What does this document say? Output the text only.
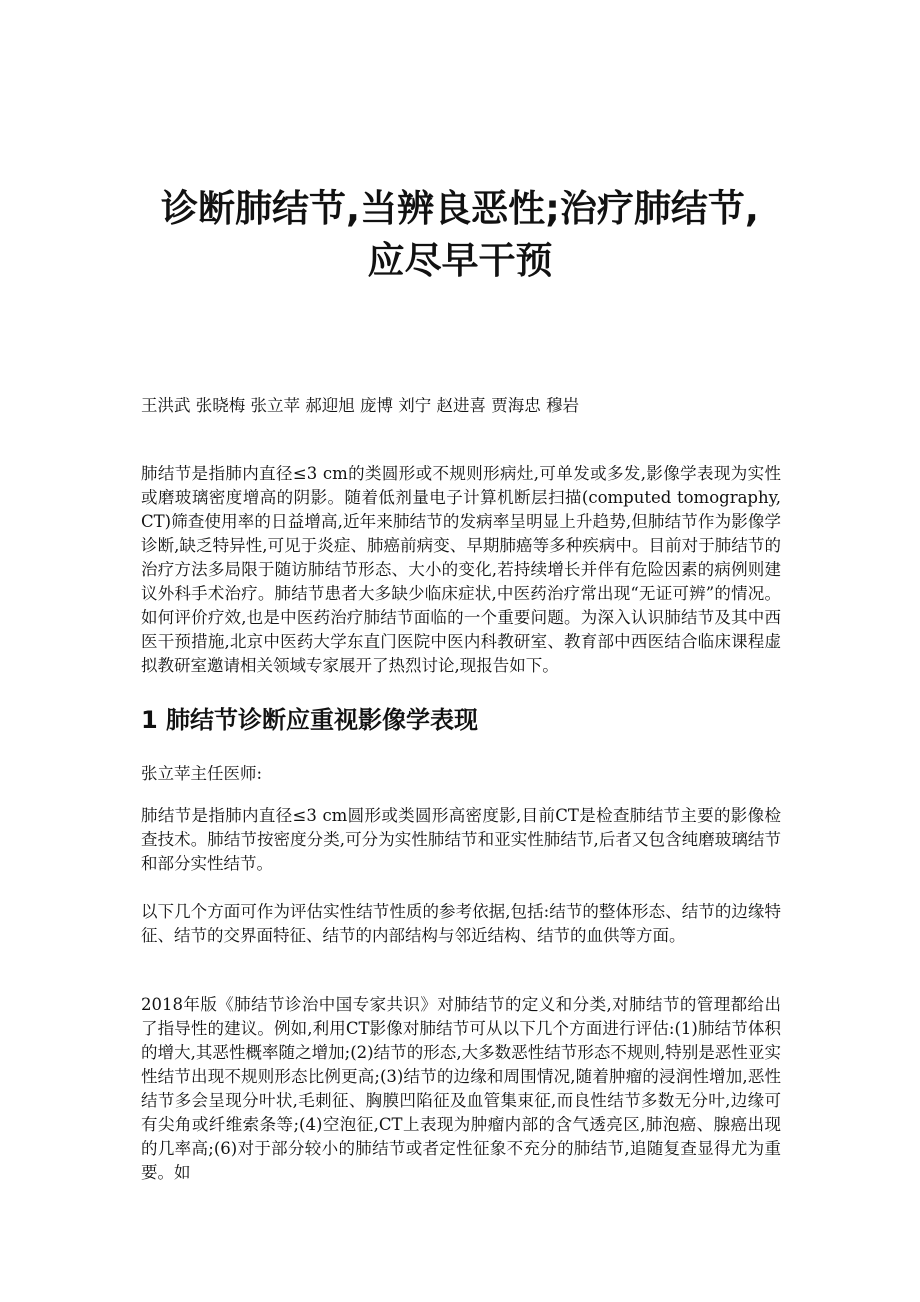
诊断肺结节,当辨良恶性;治疗肺结节,
应尽早干预

王洪武 张晓梅 张立苹 郝迎旭 庞博 刘宁 赵进喜 贾海忠 穆岩

肺结节是指肺内直径≤3 cm的类圆形或不规则形病灶,可单发或多发,影像学表现为实性或磨玻璃密度增高的阴影。随着低剂量电子计算机断层扫描(computed tomography,CT)筛查使用率的日益增高,近年来肺结节的发病率呈明显上升趋势,但肺结节作为影像学诊断,缺乏特异性,可见于炎症、肺癌前病变、早期肺癌等多种疾病中。目前对于肺结节的治疗方法多局限于随访肺结节形态、大小的变化,若持续增长并伴有危险因素的病例则建议外科手术治疗。肺结节患者大多缺少临床症状,中医药治疗常出现“无证可辨”的情况。如何评价疗效,也是中医药治疗肺结节面临的一个重要问题。为深入认识肺结节及其中西医干预措施,北京中医药大学东直门医院中医内科教研室、教育部中西医结合临床课程虚拟教研室邀请相关领域专家展开了热烈讨论,现报告如下。

1 肺结节诊断应重视影像学表现

张立苹主任医师:

肺结节是指肺内直径≤3 cm圆形或类圆形高密度影,目前CT是检查肺结节主要的影像检查技术。肺结节按密度分类,可分为实性肺结节和亚实性肺结节,后者又包含纯磨玻璃结节和部分实性结节。

以下几个方面可作为评估实性结节性质的参考依据,包括:结节的整体形态、结节的边缘特征、结节的交界面特征、结节的内部结构与邻近结构、结节的血供等方面。

2018年版《肺结节诊治中国专家共识》对肺结节的定义和分类,对肺结节的管理都给出了指导性的建议。例如,利用CT影像对肺结节可从以下几个方面进行评估:(1)肺结节体积的增大,其恶性概率随之增加;(2)结节的形态,大多数恶性结节形态不规则,特别是恶性亚实性结节出现不规则形态比例更高;(3)结节的边缘和周围情况,随着肿瘤的浸润性增加,恶性结节多会呈现分叶状,毛刺征、胸膜凹陷征及血管集束征,而良性结节多数无分叶,边缘可有尖角或纤维索条等;(4)空泡征,CT上表现为肿瘤内部的含气透亮区,肺泡癌、腺癌出现的几率高;(6)对于部分较小的肺结节或者定性征象不充分的肺结节,追随复查显得尤为重要。如
